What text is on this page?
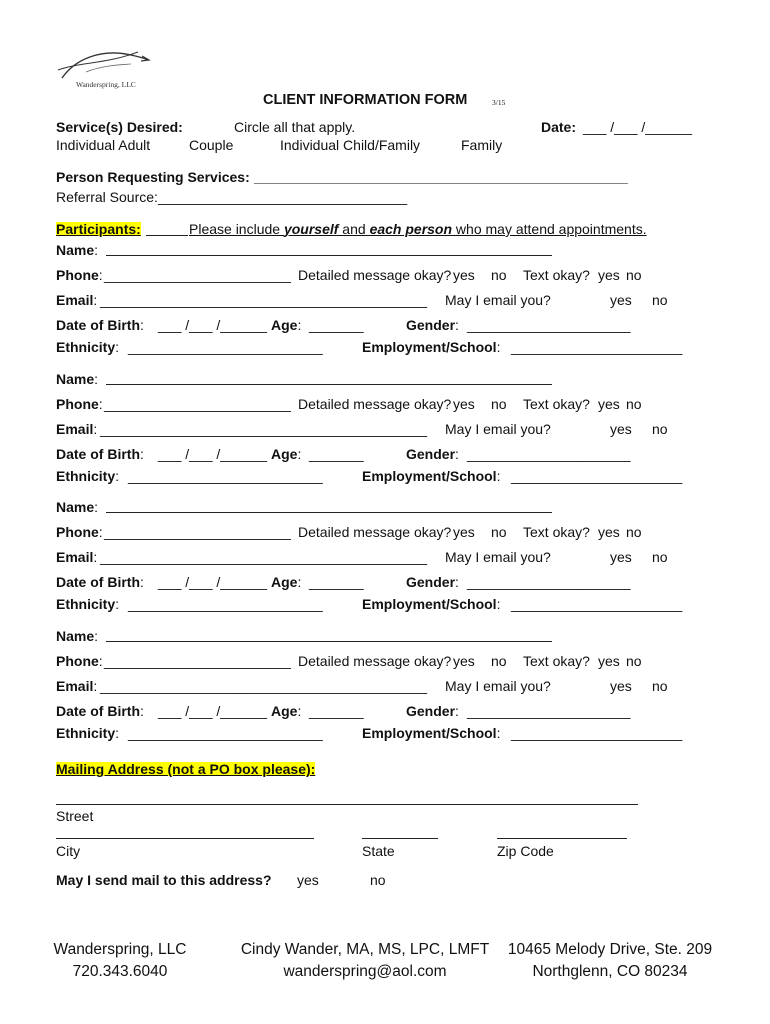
Wanderspring, LLC
CLIENT INFORMATION FORM	3/15
Service(s) Desired:	Circle all that apply.	Date: ___ /___ /______
Individual Adult	Couple	Individual Child/Family	Family
Person Requesting Services: ________________________________________________
Referral Source: ________________________________
Participants:	Please include yourself and each person who may attend appointments.
Name:
Phone: ________________________ Detailed message okay? yes no Text okay? yes no
Email: __________________________________________ May I email you?	yes no
Date of Birth: ___ /___ /______ Age: _______	Gender: _____________________
Ethnicity: _________________________	Employment/School: ______________________
Name:
Phone: ________________________ Detailed message okay? yes no Text okay? yes no
Email: __________________________________________ May I email you?	yes no
Date of Birth: ___ /___ /______ Age: _______	Gender: _____________________
Ethnicity: _________________________	Employment/School: ______________________
Name:
Phone: ________________________ Detailed message okay? yes no Text okay? yes no
Email: __________________________________________ May I email you?	yes no
Date of Birth: ___ /___ /______ Age: _______	Gender: _____________________
Ethnicity: _________________________	Employment/School: ______________________
Name:
Phone: ________________________ Detailed message okay? yes no Text okay? yes no
Email: __________________________________________ May I email you?	yes no
Date of Birth: ___ /___ /______ Age: _______	Gender: _____________________
Ethnicity: _________________________	Employment/School: ______________________
Mailing Address (not a PO box please):
Street
City	State	Zip Code
May I send mail to this address? yes	no
Wanderspring, LLC
720.343.6040
Cindy Wander, MA, MS, LPC, LMFT
wanderspring@aol.com
10465 Melody Drive, Ste. 209
Northglenn, CO 80234
